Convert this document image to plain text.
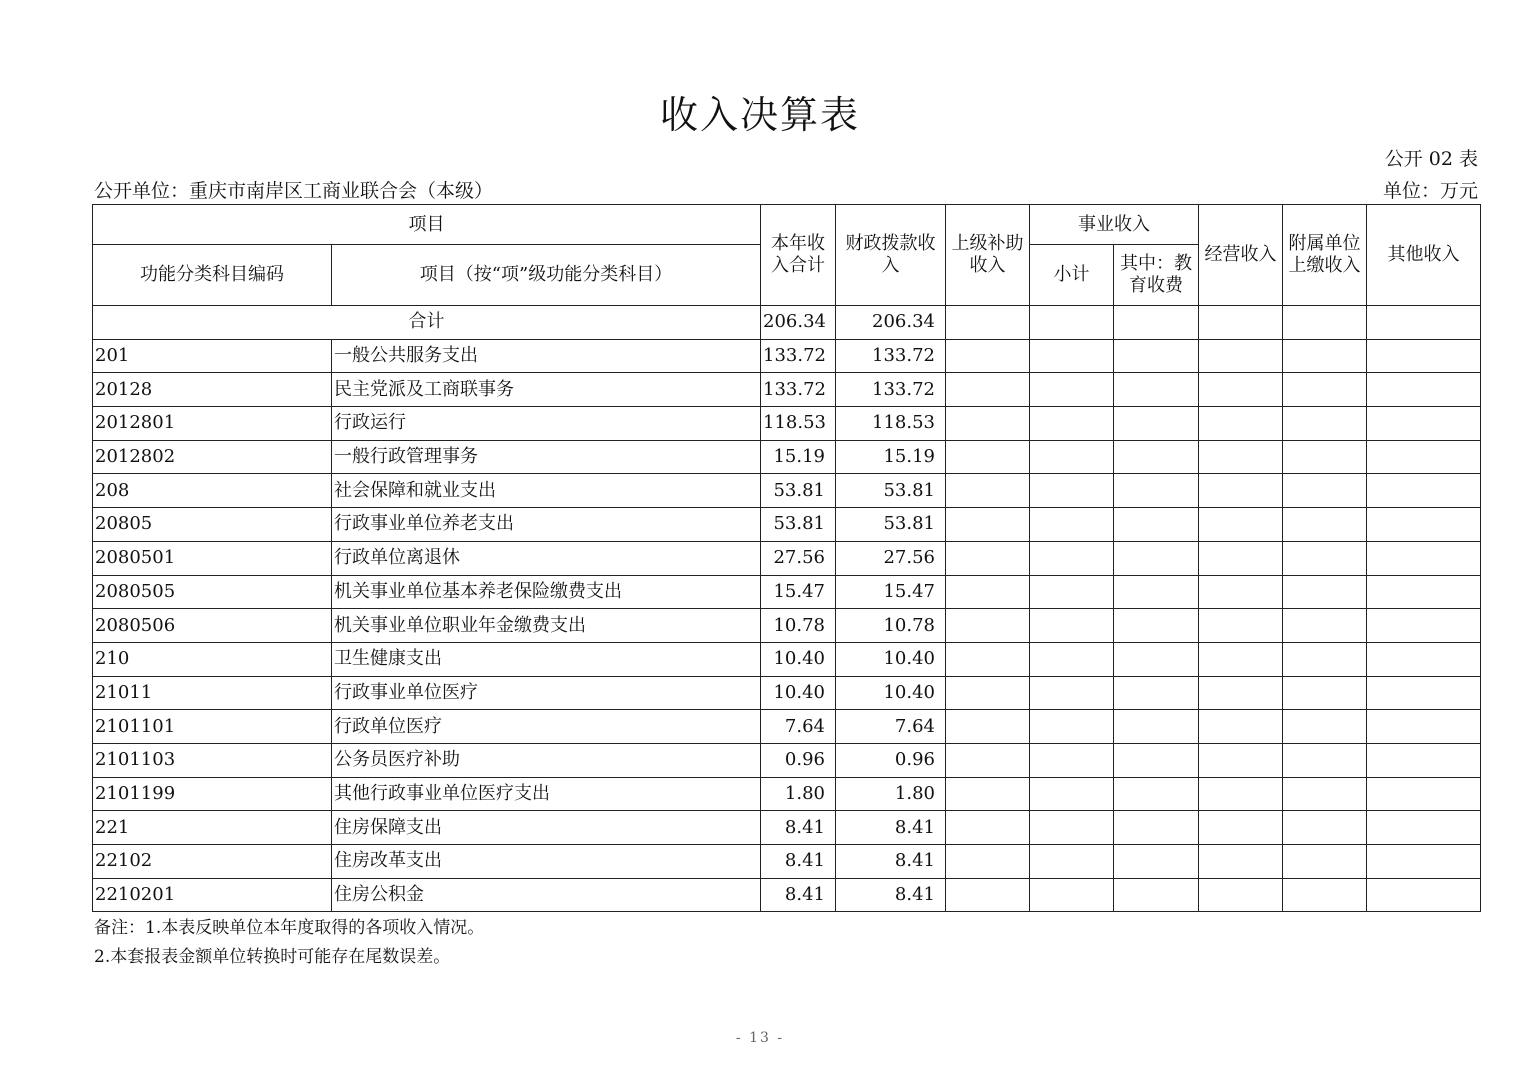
收入决算表
公开 02 表
公开单位：重庆市南岸区工商业联合会（本级）	单位：万元
项目		本年收入合计	财政拨款收入	上级补助收入	事业收入		经营收入	附属单位上缴收入	其他收入
功能分类科目编码	项目（按“项”级功能分类科目）				小计	其中：教育收费			
合计		206.34	206.34						
201	一般公共服务支出	133.72	133.72						
20128	民主党派及工商联事务	133.72	133.72						
2012801	行政运行	118.53	118.53						
2012802	一般行政管理事务	15.19	15.19						
208	社会保障和就业支出	53.81	53.81						
20805	行政事业单位养老支出	53.81	53.81						
2080501	行政单位离退休	27.56	27.56						
2080505	机关事业单位基本养老保险缴费支出	15.47	15.47						
2080506	机关事业单位职业年金缴费支出	10.78	10.78						
210	卫生健康支出	10.40	10.40						
21011	行政事业单位医疗	10.40	10.40						
2101101	行政单位医疗	7.64	7.64						
2101103	公务员医疗补助	0.96	0.96						
2101199	其他行政事业单位医疗支出	1.80	1.80						
221	住房保障支出	8.41	8.41						
22102	住房改革支出	8.41	8.41						
2210201	住房公积金	8.41	8.41						
备注：1.本表反映单位本年度取得的各项收入情况。
2.本套报表金额单位转换时可能存在尾数误差。
- 13 -
